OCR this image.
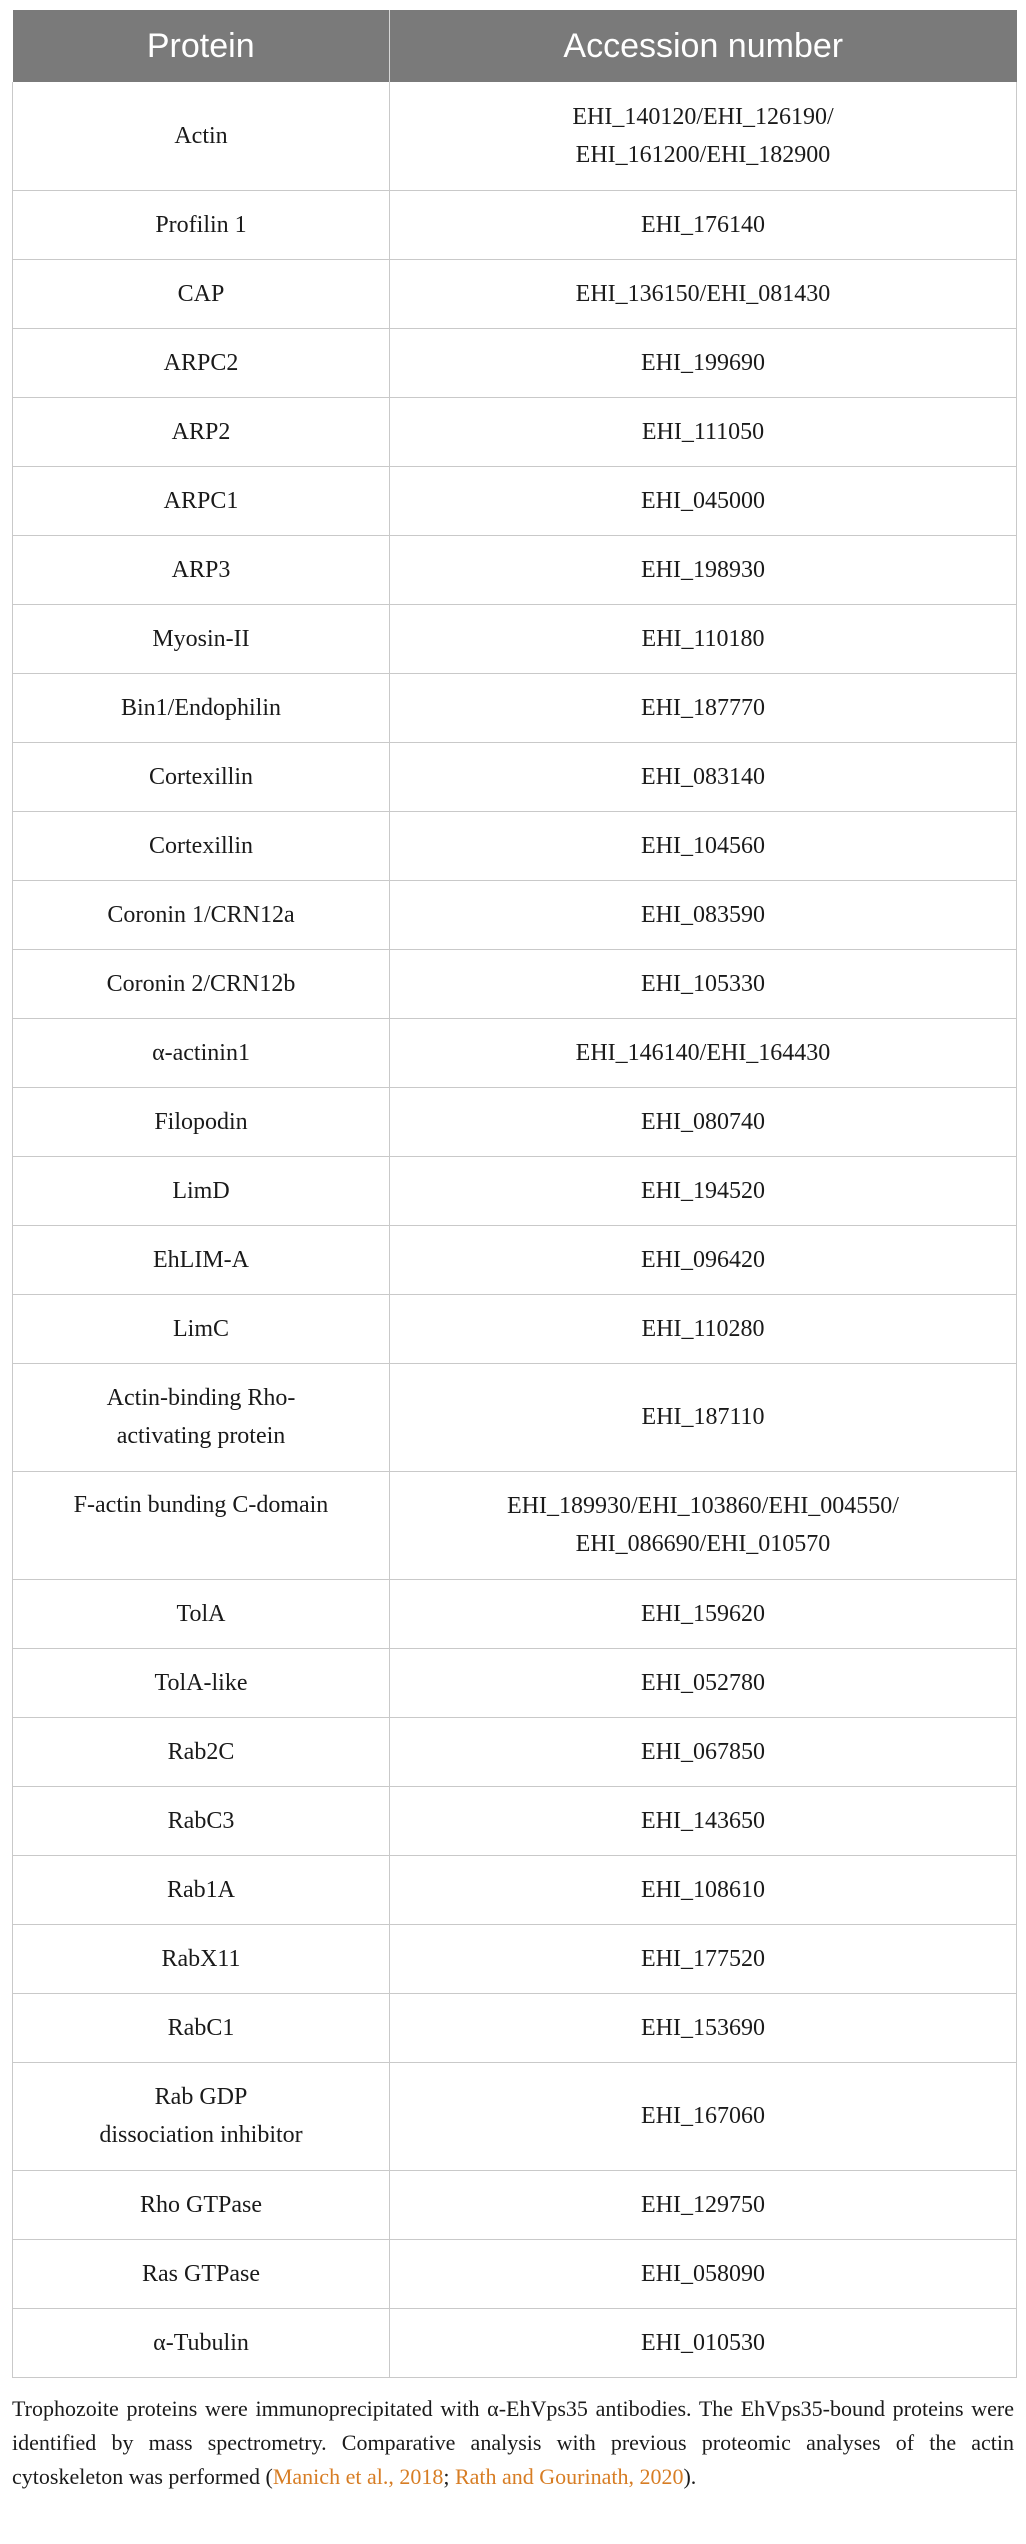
Protein	Accession number
Actin	EHI_140120/EHI_126190/
EHI_161200/EHI_182900
Profilin 1	EHI_176140
CAP	EHI_136150/EHI_081430
ARPC2	EHI_199690
ARP2	EHI_111050
ARPC1	EHI_045000
ARP3	EHI_198930
Myosin-II	EHI_110180
Bin1/Endophilin	EHI_187770
Cortexillin	EHI_083140
Cortexillin	EHI_104560
Coronin 1/CRN12a	EHI_083590
Coronin 2/CRN12b	EHI_105330
α-actinin1	EHI_146140/EHI_164430
Filopodin	EHI_080740
LimD	EHI_194520
EhLIM-A	EHI_096420
LimC	EHI_110280
Actin-binding Rho-
activating protein	EHI_187110
F-actin bunding C-domain	EHI_189930/EHI_103860/EHI_004550/
EHI_086690/EHI_010570
TolA	EHI_159620
TolA-like	EHI_052780
Rab2C	EHI_067850
RabC3	EHI_143650
Rab1A	EHI_108610
RabX11	EHI_177520
RabC1	EHI_153690
Rab GDP
dissociation inhibitor	EHI_167060
Rho GTPase	EHI_129750
Ras GTPase	EHI_058090
α-Tubulin	EHI_010530

Trophozoite proteins were immunoprecipitated with α-EhVps35 antibodies. The EhVps35-bound proteins were identified by mass spectrometry. Comparative analysis with previous proteomic analyses of the actin cytoskeleton was performed (Manich et al., 2018; Rath and Gourinath, 2020).
